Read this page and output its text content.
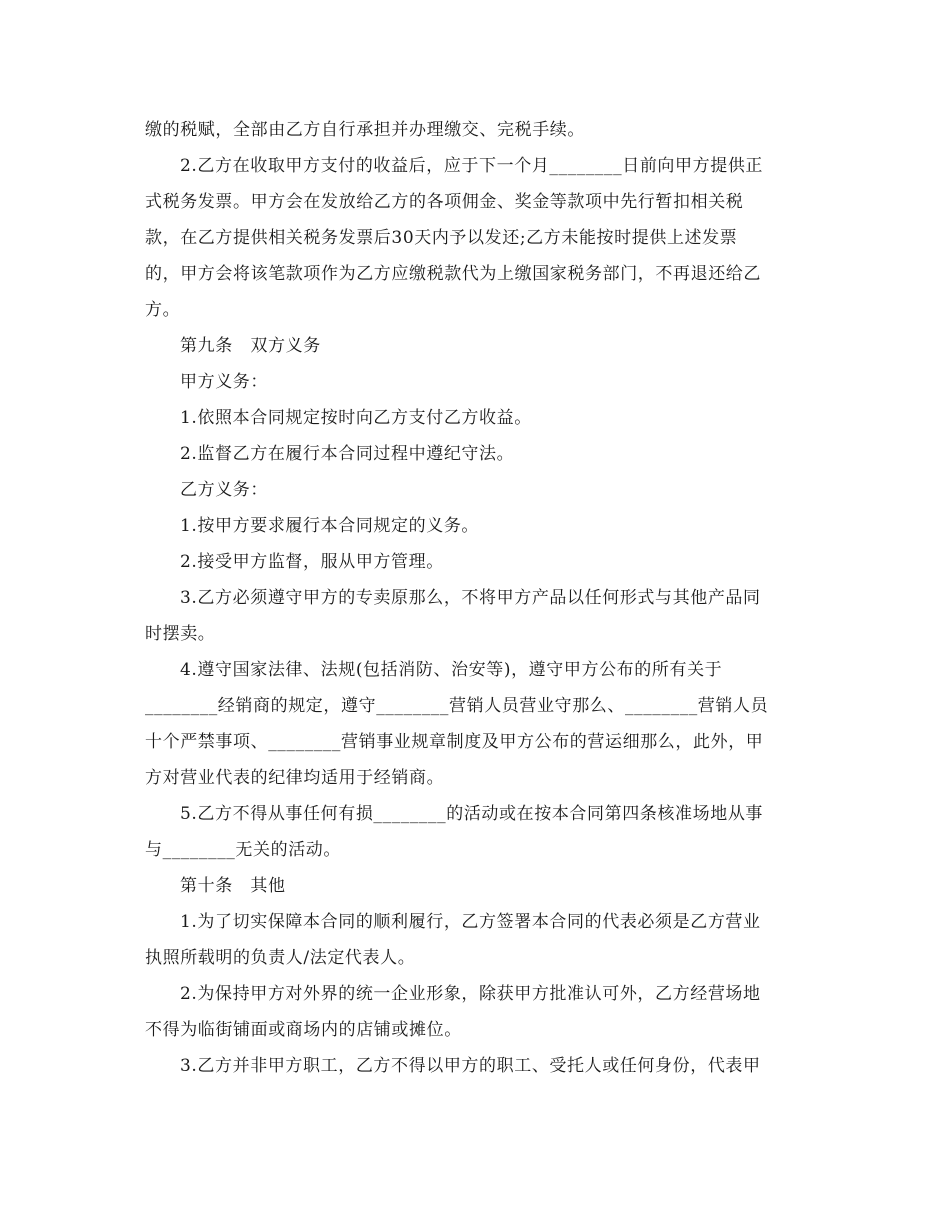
缴的税赋，全部由乙方自行承担并办理缴交、完税手续。
2.乙方在收取甲方支付的收益后，应于下一个月________日前向甲方提供正
式税务发票。甲方会在发放给乙方的各项佣金、奖金等款项中先行暂扣相关税
款，在乙方提供相关税务发票后30天内予以发还;乙方未能按时提供上述发票
的，甲方会将该笔款项作为乙方应缴税款代为上缴国家税务部门，不再退还给乙
方。
第九条　双方义务
甲方义务：
1.依照本合同规定按时向乙方支付乙方收益。
2.监督乙方在履行本合同过程中遵纪守法。
乙方义务：
1.按甲方要求履行本合同规定的义务。
2.接受甲方监督，服从甲方管理。
3.乙方必须遵守甲方的专卖原那么，不将甲方产品以任何形式与其他产品同
时摆卖。
4.遵守国家法律、法规(包括消防、治安等)，遵守甲方公布的所有关于
________经销商的规定，遵守________营销人员营业守那么、________营销人员
十个严禁事项、________营销事业规章制度及甲方公布的营运细那么，此外，甲
方对营业代表的纪律均适用于经销商。
5.乙方不得从事任何有损________的活动或在按本合同第四条核准场地从事
与________无关的活动。
第十条　其他
1.为了切实保障本合同的顺利履行，乙方签署本合同的代表必须是乙方营业
执照所载明的负责人/法定代表人。
2.为保持甲方对外界的统一企业形象，除获甲方批准认可外，乙方经营场地
不得为临街铺面或商场内的店铺或摊位。
3.乙方并非甲方职工，乙方不得以甲方的职工、受托人或任何身份，代表甲
